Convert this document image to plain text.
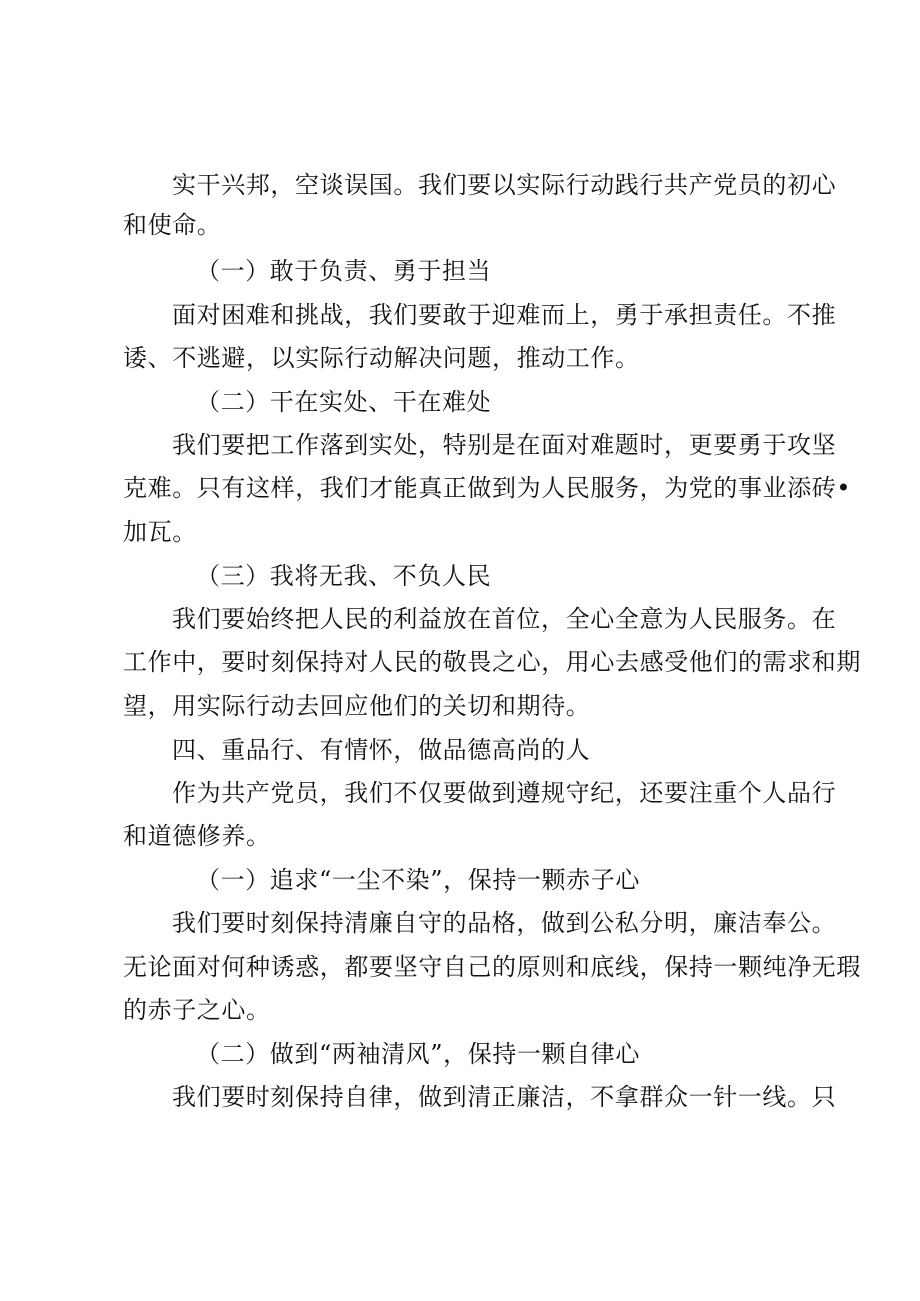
实干兴邦，空谈误国。我们要以实际行动践行共产党员的初心
和使命。
（一）敢于负责、勇于担当
面对困难和挑战，我们要敢于迎难而上，勇于承担责任。不推
诿、不逃避，以实际行动解决问题，推动工作。
（二）干在实处、干在难处
我们要把工作落到实处，特别是在面对难题时，更要勇于攻坚
克难。只有这样，我们才能真正做到为人民服务，为党的事业添砖•
加瓦。
（三）我将无我、不负人民
我们要始终把人民的利益放在首位，全心全意为人民服务。在
工作中，要时刻保持对人民的敬畏之心，用心去感受他们的需求和期
望，用实际行动去回应他们的关切和期待。
四、重品行、有情怀，做品德高尚的人
作为共产党员，我们不仅要做到遵规守纪，还要注重个人品行
和道德修养。
（一）追求“一尘不染”，保持一颗赤子心
我们要时刻保持清廉自守的品格，做到公私分明，廉洁奉公。
无论面对何种诱惑，都要坚守自己的原则和底线，保持一颗纯净无瑕
的赤子之心。
（二）做到“两袖清风”，保持一颗自律心
我们要时刻保持自律，做到清正廉洁，不拿群众一针一线。只
